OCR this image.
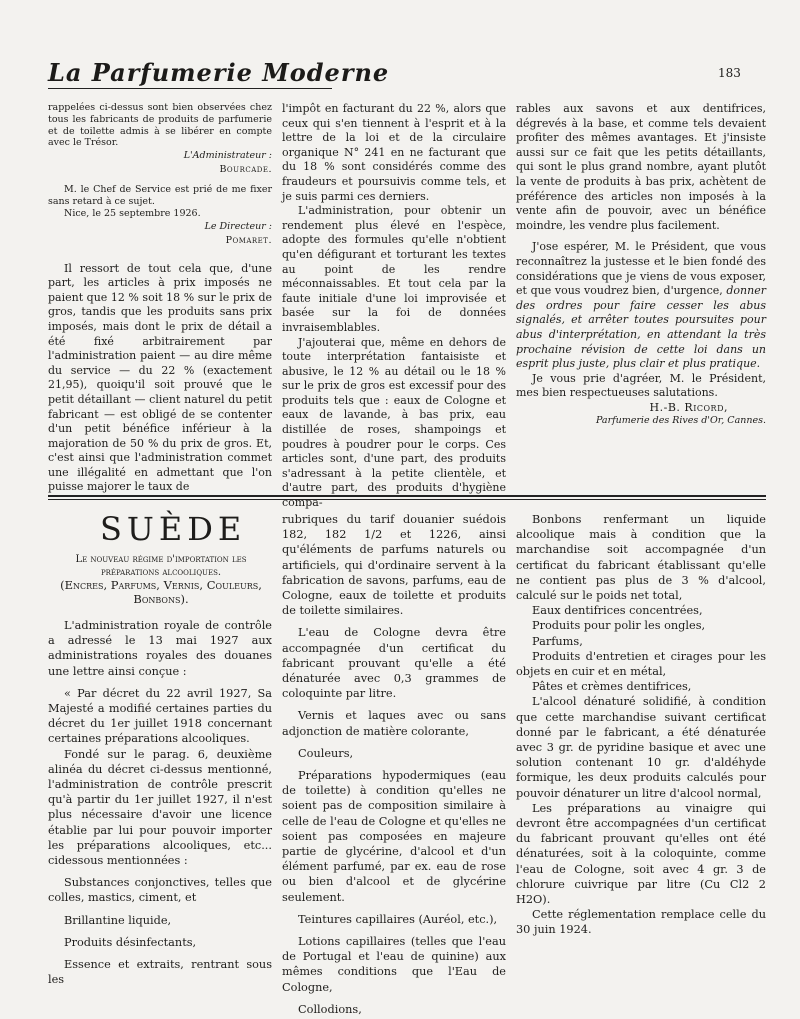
La Parfumerie Moderne	183

rappelées ci-dessus sont bien observées chez tous les fabricants de produits de parfumerie et de toilette admis à se libérer en compte avec le Trésor.

L'Administrateur :

Bourcade.

M. le Chef de Service est prié de me fixer sans retard à ce sujet.

Nice, le 25 septembre 1926.

Le Directeur :

Pomaret.

Il ressort de tout cela que, d'une part, les articles à prix imposés ne paient que 12 % soit 18 % sur le prix de gros, tandis que les produits sans prix imposés, mais dont le prix de détail a été fixé arbitrairement par l'administration paient — au dire même du service — du 22 % (exactement 21,95), quoiqu'il soit prouvé que le petit détaillant — client naturel du petit fabricant — est obligé de se contenter d'un petit bénéfice inférieur à la majoration de 50 % du prix de gros. Et, c'est ainsi que l'administration commet une illégalité en admettant que l'on puisse majorer le taux de

l'impôt en facturant du 22 %, alors que ceux qui s'en tiennent à l'esprit et à la lettre de la loi et de la circulaire organique N° 241 en ne facturant que du 18 % sont considérés comme des fraudeurs et poursuivis comme tels, et je suis parmi ces derniers.

L'administration, pour obtenir un rendement plus élevé en l'espèce, adopte des formules qu'elle n'obtient qu'en défigurant et torturant les textes au point de les rendre méconnaissables. Et tout cela par la faute initiale d'une loi improvisée et basée sur la foi de données invraisemblables.

J'ajouterai que, même en dehors de toute interprétation fantaisiste et abusive, le 12 % au détail ou le 18 % sur le prix de gros est excessif pour des produits tels que : eaux de Cologne et eaux de lavande, à bas prix, eau distillée de roses, shampoings et poudres à poudrer pour le corps. Ces articles sont, d'une part, des produits s'adressant à la petite clientèle, et d'autre part, des produits d'hygiène compa-

rables aux savons et aux dentifrices, dégrevés à la base, et comme tels devaient profiter des mêmes avantages. Et j'insiste aussi sur ce fait que les petits détaillants, qui sont le plus grand nombre, ayant plutôt la vente de produits à bas prix, achètent de préférence des articles non imposés à la vente afin de pouvoir, avec un bénéfice moindre, les vendre plus facilement.

J'ose espérer, M. le Président, que vous reconnaîtrez la justesse et le bien fondé des considérations que je viens de vous exposer, et que vous voudrez bien, d'urgence, donner des ordres pour faire cesser les abus signalés, et arrêter toutes poursuites pour abus d'interprétation, en attendant la très prochaine révision de cette loi dans un esprit plus juste, plus clair et plus pratique.

Je vous prie d'agréer, M. le Président, mes bien respectueuses salutations.

H.-B. Ricord,

Parfumerie des Rives d'Or, Cannes.

SUÈDE
Le nouveau régime d'importation les préparations alcooliques.
(Encres, Parfums, Vernis, Couleurs, Bonbons).

L'administration royale de contrôle a adressé le 13 mai 1927 aux administrations royales des douanes une lettre ainsi conçue :

« Par décret du 22 avril 1927, Sa Majesté a modifié certaines parties du décret du 1er juillet 1918 concernant certaines préparations alcooliques.

Fondé sur le parag. 6, deuxième alinéa du décret ci-dessus mentionné, l'administration de contrôle prescrit qu'à partir du 1er juillet 1927, il n'est plus nécessaire d'avoir une licence établie par lui pour pouvoir importer les préparations alcooliques, etc... cidessous mentionnées :

Substances conjonctives, telles que colles, mastics, ciment, et

Brillantine liquide,

Produits désinfectants,

Essence et extraits, rentrant sous les

rubriques du tarif douanier suédois 182, 182 1/2 et 1226, ainsi qu'éléments de parfums naturels ou artificiels, qui d'ordinaire servent à la fabrication de savons, parfums, eau de Cologne, eaux de toilette et produits de toilette similaires.

L'eau de Cologne devra être accompagnée d'un certificat du fabricant prouvant qu'elle a été dénaturée avec 0,3 grammes de coloquinte par litre.

Vernis et laques avec ou sans adjonction de matière colorante,

Couleurs,

Préparations hypodermiques (eau de toilette) à condition qu'elles ne soient pas de composition similaire à celle de l'eau de Cologne et qu'elles ne soient pas composées en majeure partie de glycérine, d'alcool et d'un élément parfumé, par ex. eau de rose ou bien d'alcool et de glycérine seulement.

Teintures capillaires (Auréol, etc.),

Lotions capillaires (telles que l'eau de Portugal et l'eau de quinine) aux mêmes conditions que l'Eau de Cologne,

Collodions,

Bonbons renfermant un liquide alcoolique mais à condition que la marchandise soit accompagnée d'un certificat du fabricant établissant qu'elle ne contient pas plus de 3 % d'alcool, calculé sur le poids net total,

Eaux dentifrices concentrées,

Produits pour polir les ongles,

Parfums,

Produits d'entretien et cirages pour les objets en cuir et en métal,

Pâtes et crèmes dentifrices,

L'alcool dénaturé solidifié, à condition que cette marchandise suivant certificat donné par le fabricant, a été dénaturée avec 3 gr. de pyridine basique et avec une solution contenant 10 gr. d'aldéhyde formique, les deux produits calculés pour pouvoir dénaturer un litre d'alcool normal,

Les préparations au vinaigre qui devront être accompagnées d'un certificat du fabricant prouvant qu'elles ont été dénaturées, soit à la coloquinte, comme l'eau de Cologne, soit avec 4 gr. 3 de chlorure cuivrique par litre (Cu Cl2 2 H2O).

Cette réglementation remplace celle du 30 juin 1924.
